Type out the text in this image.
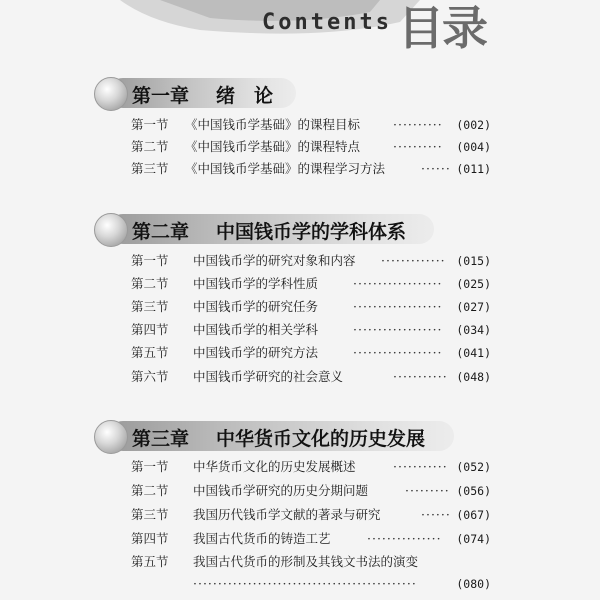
Contents 目录
第一章 绪　论
第一节 《中国钱币学基础》的课程目标	··········	(002)
第二节 《中国钱币学基础》的课程特点	··········	(004)
第三节 《中国钱币学基础》的课程学习方法	······ (011)
第二章 中国钱币学的学科体系
第一节 中国钱币学的研究对象和内容 ············· (015)
第二节 中国钱币学的学科性质	··················	(025)
第三节 中国钱币学的研究任务	··················	(027)
第四节 中国钱币学的相关学科	··················	(034)
第五节 中国钱币学的研究方法	··················	(041)
第六节 中国钱币学研究的社会意义	··········· (048)
第三章 中华货币文化的历史发展
第一节 中华货币文化的历史发展概述	··········· (052)
第二节 中国钱币学研究的历史分期问题	········· (056)
第三节 我国历代钱币学文献的著录与研究	······ (067)
第四节 我国古代货币的铸造工艺	···············	(074)
第五节 我国古代货币的形制及其钱文书法的演变
·············································	(080)
